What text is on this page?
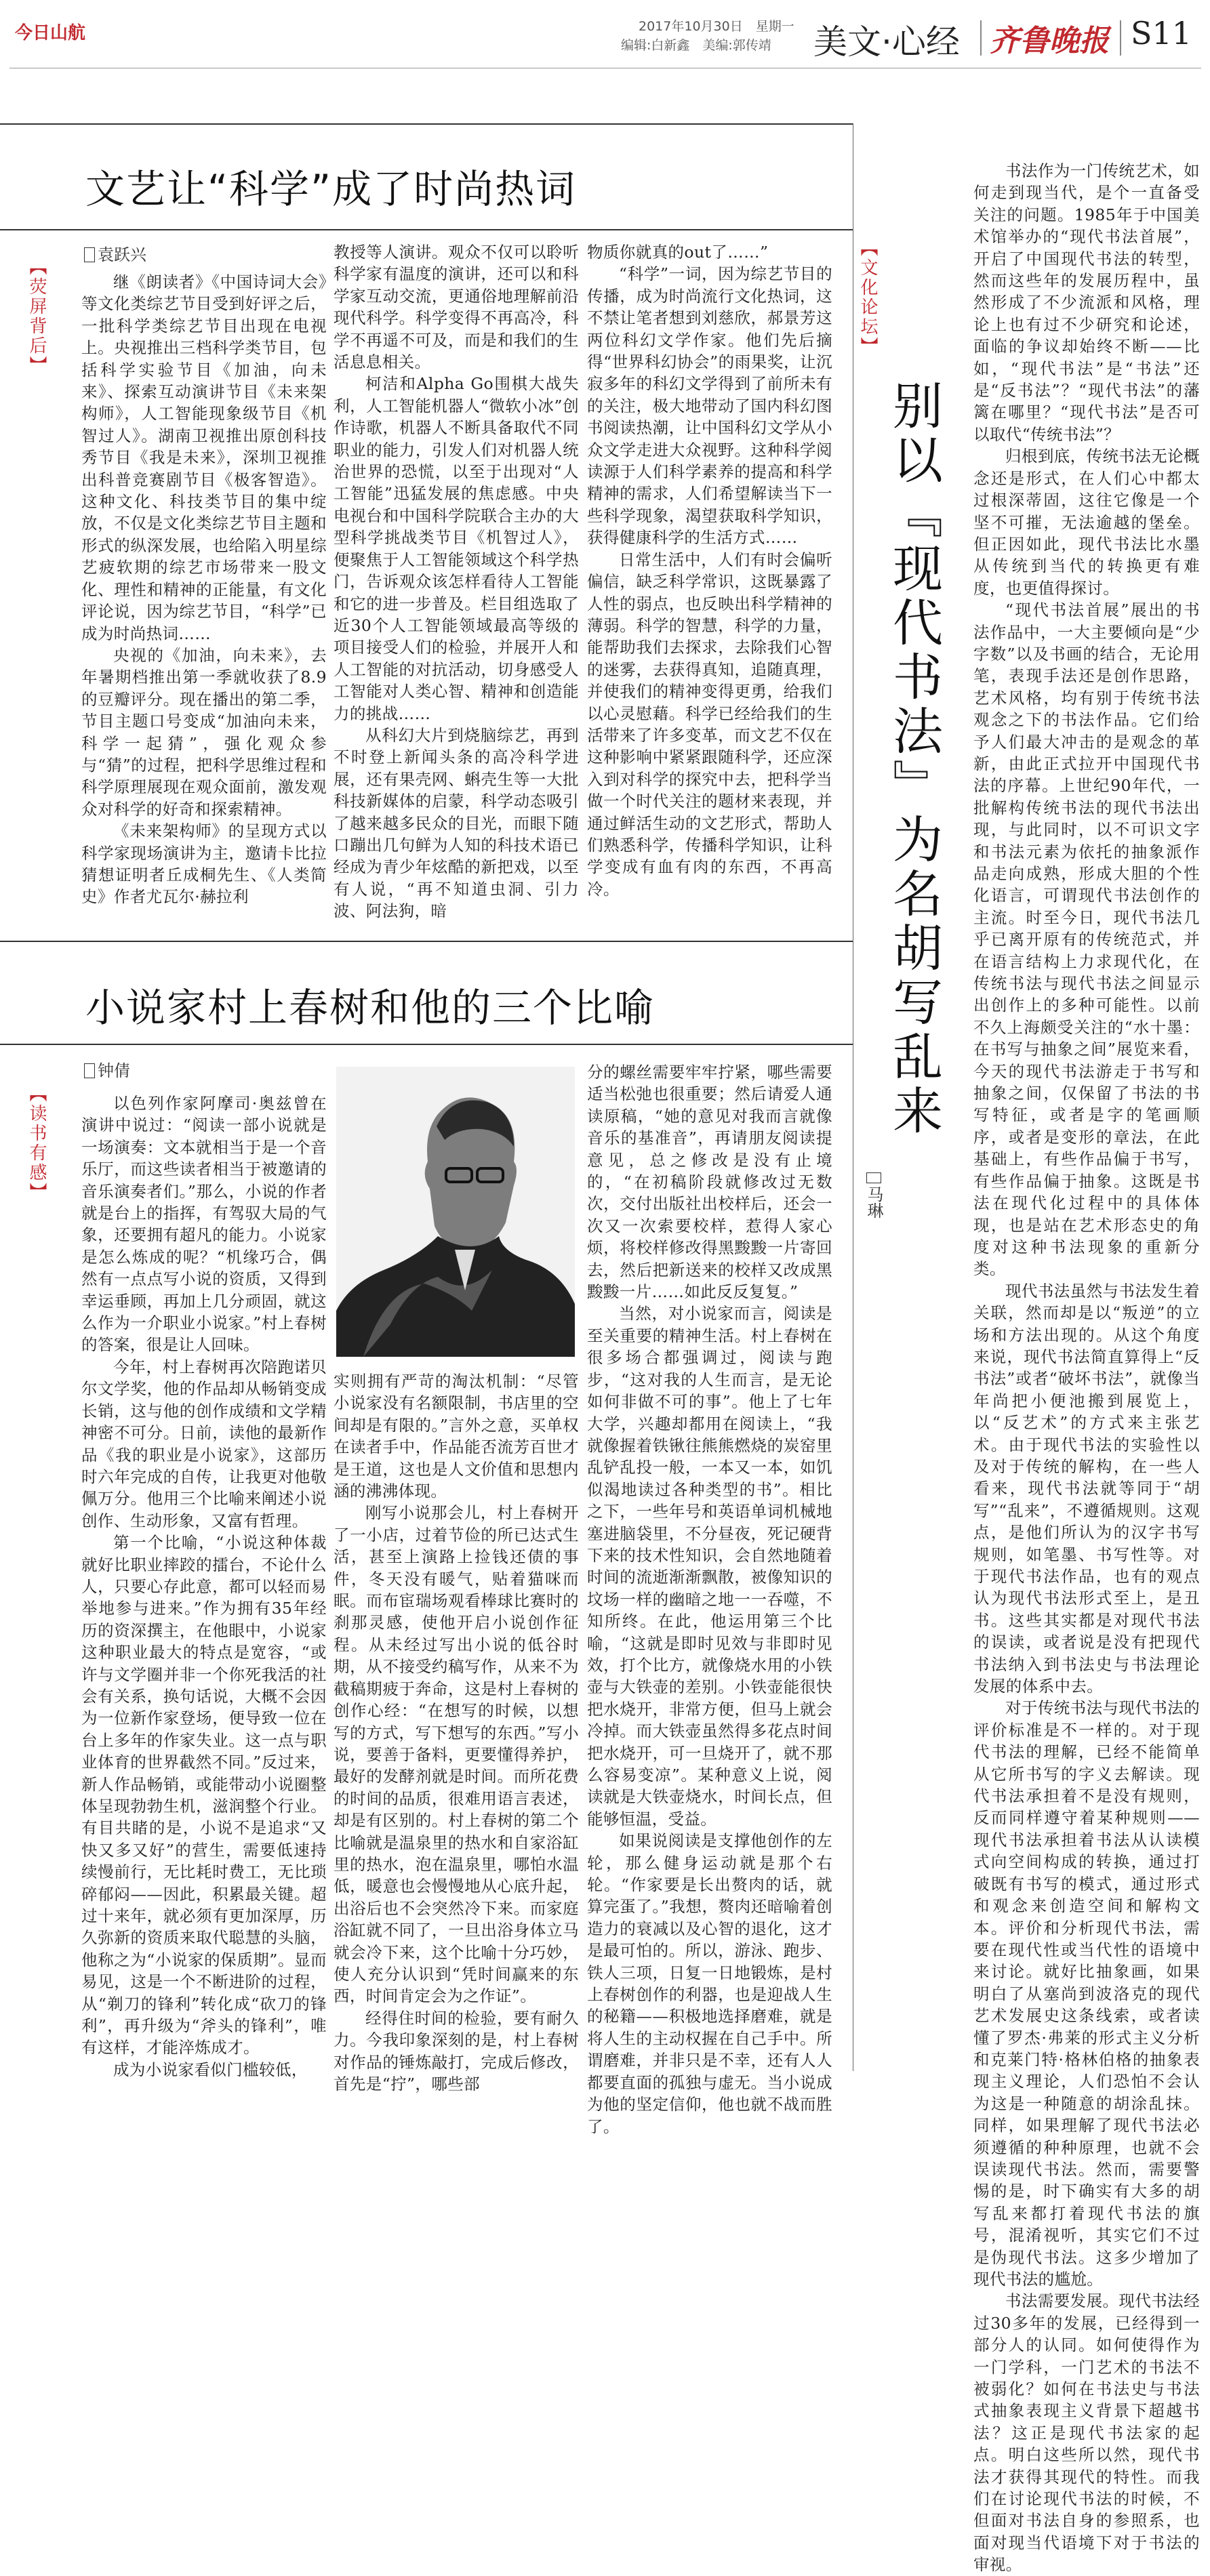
今日山航	2017年10月30日　星期一
编辑:白新鑫　美编:郭传靖 美文·心经 齐鲁晚报 S11
文艺让“科学”成了时尚热词
袁跃兴
【荧屏背后】	继《朗读者》《中国诗词大会》等文化类综艺节目受到好评之后，一批科学类综艺节目出现在电视上。央视推出三档科学类节目，包括科学实验节目《加油，向未来》、探索互动演讲节目《未来架构师》，人工智能现象级节目《机智过人》。湖南卫视推出原创科技秀节目《我是未来》，深圳卫视推出科普竞赛剧节目《极客智造》。这种文化、科技类节目的集中绽放，不仅是文化类综艺节目主题和形式的纵深发展，也给陷入明星综艺疲软期的综艺市场带来一股文化、理性和精神的正能量，有文化评论说，因为综艺节目，“科学”已成为时尚热词……

央视的《加油，向未来》，去年暑期档推出第一季就收获了8.9的豆瓣评分。现在播出的第二季，节目主题口号变成“加油向未来，科学一起猜”，强化观众参与“猜”的过程，把科学思维过程和科学原理展现在观众面前，激发观众对科学的好奇和探索精神。

《未来架构师》的呈现方式以科学家现场演讲为主，邀请卡比拉猜想证明者丘成桐先生、《人类简史》作者尤瓦尔·赫拉利

教授等人演讲。观众不仅可以聆听科学家有温度的演讲，还可以和科学家互动交流，更通俗地理解前沿现代科学。科学变得不再高冷，科学不再遥不可及，而是和我们的生活息息相关。

柯洁和Alpha Go围棋大战失利，人工智能机器人“微软小冰”创作诗歌，机器人不断具备取代不同职业的能力，引发人们对机器人统治世界的恐慌，以至于出现对“人工智能”迅猛发展的焦虑感。中央电视台和中国科学院联合主办的大型科学挑战类节目《机智过人》，便聚焦于人工智能领域这个科学热门，告诉观众该怎样看待人工智能和它的进一步普及。栏目组选取了近30个人工智能领域最高等级的项目接受人们的检验，并展开人和人工智能的对抗活动，切身感受人工智能对人类心智、精神和创造能力的挑战……

从科幻大片到烧脑综艺，再到不时登上新闻头条的高冷科学进展，还有果壳网、蝌壳生等一大批科技新媒体的启蒙，科学动态吸引了越来越多民众的目光，而眼下随口蹦出几句鲜为人知的科技术语已经成为青少年炫酷的新把戏，以至有人说，“再不知道虫洞、引力波、阿法狗，暗

物质你就真的out了……”

“科学”一词，因为综艺节目的传播，成为时尚流行文化热词，这不禁让笔者想到刘慈欣，郝景芳这两位科幻文学作家。他们先后摘得“世界科幻协会”的雨果奖，让沉寂多年的科幻文学得到了前所未有的关注，极大地带动了国内科幻图书阅读热潮，让中国科幻文学从小众文学走进大众视野。这种科学阅读源于人们科学素养的提高和科学精神的需求，人们希望解读当下一些科学现象，渴望获取科学知识，获得健康科学的生活方式……

日常生活中，人们有时会偏听偏信，缺乏科学常识，这既暴露了人性的弱点，也反映出科学精神的薄弱。科学的智慧，科学的力量，能帮助我们去探求，去除我们心智的迷雾，去获得真知，追随真理，并使我们的精神变得更勇，给我们以心灵慰藉。科学已经给我们的生活带来了许多变革，而文艺不仅在这种影响中紧紧跟随科学，还应深入到对科学的探究中去，把科学当做一个时代关注的题材来表现，并通过鲜活生动的文艺形式，帮助人们熟悉科学，传播科学知识，让科学变成有血有肉的东西，不再高冷。

小说家村上春树和他的三个比喻
钟倩
【读书有感】	以色列作家阿摩司·奥兹曾在演讲中说过：“阅读一部小说就是一场演奏：文本就相当于是一个音乐厅，而这些读者相当于被邀请的音乐演奏者们。”那么，小说的作者就是台上的指挥，有驾驭大局的气象，还要拥有超凡的能力。小说家是怎么炼成的呢？“机缘巧合，偶然有一点点写小说的资质，又得到幸运垂顾，再加上几分顽固，就这么作为一介职业小说家。”村上春树的答案，很是让人回味。

今年，村上春树再次陪跑诺贝尔文学奖，他的作品却从畅销变成长销，这与他的创作成绩和文学精神密不可分。日前，读他的最新作品《我的职业是小说家》，这部历时六年完成的自传，让我更对他敬佩万分。他用三个比喻来阐述小说创作、生动形象，又富有哲理。

第一个比喻，“小说这种体裁就好比职业摔跤的擂台，不论什么人，只要心存此意，都可以轻而易举地参与进来。”作为拥有35年经历的资深撰主，在他眼中，小说家这种职业最大的特点是宽容，“或许与文学圈并非一个你死我活的社会有关系，换句话说，大概不会因为一位新作家登场，便导致一位在台上多年的作家失业。这一点与职业体育的世界截然不同。”反过来，新人作品畅销，或能带动小说圈整体呈现勃勃生机，滋润整个行业。有目共睹的是，小说不是追求“又快又多又好”的营生，需要低速持续慢前行，无比耗时费工，无比琐碎郁闷——因此，积累最关键。超过十来年，就必须有更加深厚，历久弥新的资质来取代聪慧的头脑，他称之为“小说家的保质期”。显而易见，这是一个不断进阶的过程，从“剃刀的锋利”转化成“砍刀的锋利”，再升级为“斧头的锋利”，唯有这样，才能淬炼成才。

成为小说家看似门槛较低，

实则拥有严苛的淘汰机制：“尽管小说家没有名额限制，书店里的空间却是有限的。”言外之意，买单权在读者手中，作品能否流芳百世才是王道，这也是人文价值和思想内涵的沸沸体现。

刚写小说那会儿，村上春树开了一小店，过着节俭的所已达式生活，甚至上演路上捡钱还债的事件，冬天没有暖气，贴着猫咪而眠。而布宦瑞场观看棒球比赛时的刹那灵感，使他开启小说创作征程。从未经过写出小说的低谷时期，从不接受约稿写作，从来不为截稿期疲于奔命，这是村上春树的创作心经：“在想写的时候，以想写的方式，写下想写的东西。”写小说，要善于备料，更要懂得养护，最好的发酵剂就是时间。而所花费的时间的品质，很难用语言表述，却是有区别的。村上春树的第二个比喻就是温泉里的热水和自家浴缸里的热水，泡在温泉里，哪怕水温低，暖意也会慢慢地从心底升起，出浴后也不会突然冷下来。而家庭浴缸就不同了，一旦出浴身体立马就会冷下来，这个比喻十分巧妙，使人充分认识到“凭时间赢来的东西，时间肯定会为之作证”。

经得住时间的检验，要有耐久力。今我印象深刻的是，村上春树对作品的锤炼敲打，完成后修改，首先是“拧”，哪些部

分的螺丝需要牢牢拧紧，哪些需要适当松弛也很重要；然后请爱人通读原稿，“她的意见对我而言就像音乐的基准音”，再请朋友阅读提意见，总之修改是没有止境的，“在初稿阶段就修改过无数次，交付出版社出校样后，还会一次又一次索要校样，惹得人家心烦，将校样修改得黑黢黢一片寄回去，然后把新送来的校样又改成黑黢黢一片……如此反反复复。”

当然，对小说家而言，阅读是至关重要的精神生活。村上春树在很多场合都强调过，阅读与跑步，“这对我的人生而言，是无论如何非做不可的事”。他上了七年大学，兴趣却都用在阅读上，“我就像握着铁锹往熊熊燃烧的炭窑里乱铲乱投一般，一本又一本，如饥似渴地读过各种类型的书”。相比之下，一些年号和英语单词机械地塞进脑袋里，不分昼夜，死记硬背下来的技术性知识，会自然地随着时间的流逝渐渐飘散，被像知识的坟场一样的幽暗之地一一吞噬，不知所终。在此，他运用第三个比喻，“这就是即时见效与非即时见效，打个比方，就像烧水用的小铁壶与大铁壶的差别。小铁壶能很快把水烧开，非常方便，但马上就会冷掉。而大铁壶虽然得多花点时间把水烧开，可一旦烧开了，就不那么容易变凉”。某种意义上说，阅读就是大铁壶烧水，时间长点，但能够恒温，受益。

如果说阅读是支撑他创作的左轮，那么健身运动就是那个右轮。“作家要是长出赘肉的话，就算完蛋了。”我想，赘肉还暗喻着创造力的衰减以及心智的退化，这才是最可怕的。所以，游泳、跑步、铁人三项，日复一日地锻炼，是村上春树创作的利器，也是迎战人生的秘籍——积极地选择磨难，就是将人生的主动权握在自己手中。所谓磨难，并非只是不幸，还有人人都要直面的孤独与虚无。当小说成为他的坚定信仰，他也就不战而胜了。

【文化论坛】
别以『现代书法』为名胡写乱来
马琳

书法作为一门传统艺术，如何走到现当代，是个一直备受关注的问题。1985年于中国美术馆举办的“现代书法首展”，开启了中国现代书法的转型，然而这些年的发展历程中，虽然形成了不少流派和风格，理论上也有过不少研究和论述，面临的争议却始终不断——比如，“现代书法”是“书法”还是“反书法”？“现代书法”的藩篱在哪里？“现代书法”是否可以取代“传统书法”？

归根到底，传统书法无论概念还是形式，在人们心中都太过根深蒂固，这往它像是一个坚不可摧，无法逾越的堡垒。但正因如此，现代书法比水墨从传统到当代的转换更有难度，也更值得探讨。

“现代书法首展”展出的书法作品中，一大主要倾向是“少字数”以及书画的结合，无论用笔，表现手法还是创作思路，艺术风格，均有别于传统书法观念之下的书法作品。它们给予人们最大冲击的是观念的革新，由此正式拉开中国现代书法的序幕。上世纪90年代，一批解构传统书法的现代书法出现，与此同时，以不可识文字和书法元素为依托的抽象派作品走向成熟，形成大胆的个性化语言，可谓现代书法创作的主流。时至今日，现代书法几乎已离开原有的传统范式，并在语言结构上力求现代化，在传统书法与现代书法之间显示出创作上的多种可能性。以前不久上海颇受关注的“水十墨：在书写与抽象之间”展览来看，今天的现代书法游走于书写和抽象之间，仅保留了书法的书写特征，或者是字的笔画顺序，或者是变形的章法，在此基础上，有些作品偏于书写，有些作品偏于抽象。这既是书法在现代化过程中的具体体现，也是站在艺术形态史的角度对这种书法现象的重新分类。

现代书法虽然与书法发生着关联，然而却是以“叛逆”的立场和方法出现的。从这个角度来说，现代书法简直算得上“反书法”或者“破坏书法”，就像当年尚把小便池搬到展览上，以“反艺术”的方式来主张艺术。由于现代书法的实验性以及对于传统的解构，在一些人看来，现代书法就等同于“胡写”“乱来”，不遵循规则。这观点，是他们所认为的汉字书写规则，如笔墨、书写性等。对于现代书法作品，也有的观点认为现代书法形式至上，是丑书。这些其实都是对现代书法的误读，或者说是没有把现代书法纳入到书法史与书法理论发展的体系中去。

对于传统书法与现代书法的评价标准是不一样的。对于现代书法的理解，已经不能简单从它所书写的字义去解读。现代书法承担着不是没有规则，反而同样遵守着某种规则——现代书法承担着书法从认读模式向空间构成的转换，通过打破既有书写的模式，通过形式和观念来创造空间和解构文本。评价和分析现代书法，需要在现代性或当代性的语境中来讨论。就好比抽象画，如果明白了从塞尚到波洛克的现代艺术发展史这条线索，或者读懂了罗杰·弗莱的形式主义分析和克莱门特·格林伯格的抽象表现主义理论，人们恐怕不会认为这是一种随意的胡涂乱抹。同样，如果理解了现代书法必须遵循的种种原理，也就不会误读现代书法。然而，需要警惕的是，时下确实有大多的胡写乱来都打着现代书法的旗号，混淆视听，其实它们不过是伪现代书法。这多少增加了现代书法的尴尬。

书法需要发展。现代书法经过30多年的发展，已经得到一部分人的认同。如何使得作为一门学科，一门艺术的书法不被弱化？如何在书法史与书法式抽象表现主义背景下超越书法？这正是现代书法家的起点。明白这些所以然，现代书法才获得其现代的特性。而我们在讨论现代书法的时候，不但面对书法自身的参照系，也面对现当代语境下对于书法的审视。
